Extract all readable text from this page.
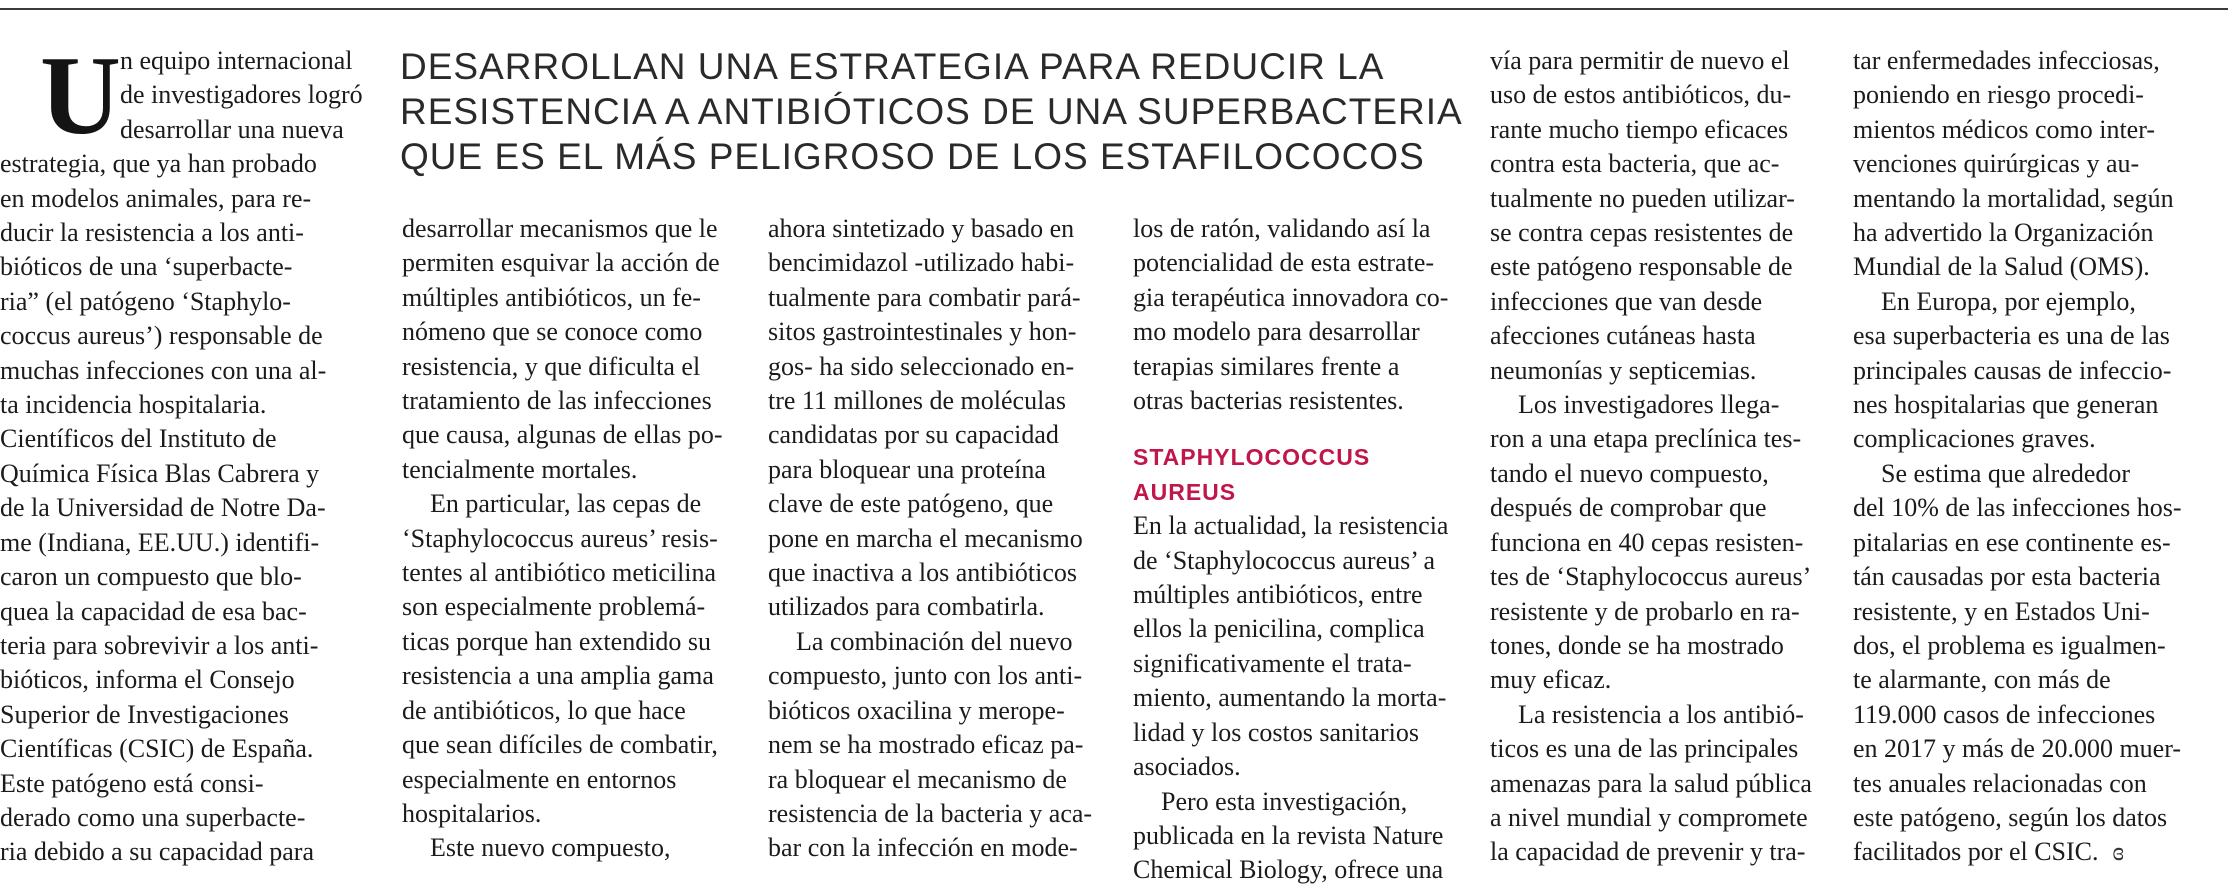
DESARROLLAN UNA ESTRATEGIA PARA REDUCIR LA
RESISTENCIA A ANTIBIÓTICOS DE UNA SUPERBACTERIA
QUE ES EL MÁS PELIGROSO DE LOS ESTAFILOCOCOS
U n equipo internacional
de investigadores logró
desarrollar una nueva
estrategia, que ya han probado
en modelos animales, para re-
ducir la resistencia a los anti-
bióticos de una ‘superbacte-
ria” (el patógeno ‘Staphylo-
coccus aureus’) responsable de
muchas infecciones con una al-
ta incidencia hospitalaria.
Científicos del Instituto de
Química Física Blas Cabrera y
de la Universidad de Notre Da-
me (Indiana, EE.UU.) identifi-
caron un compuesto que blo-
quea la capacidad de esa bac-
teria para sobrevivir a los anti-
bióticos, informa el Consejo
Superior de Investigaciones
Científicas (CSIC) de España.
Este patógeno está consi-
derado como una superbacte-
ria debido a su capacidad para
desarrollar mecanismos que le
permiten esquivar la acción de
múltiples antibióticos, un fe-
nómeno que se conoce como
resistencia, y que dificulta el
tratamiento de las infecciones
que causa, algunas de ellas po-
tencialmente mortales.
En particular, las cepas de
‘Staphylococcus aureus’ resis-
tentes al antibiótico meticilina
son especialmente problemá-
ticas porque han extendido su
resistencia a una amplia gama
de antibióticos, lo que hace
que sean difíciles de combatir,
especialmente en entornos
hospitalarios.
Este nuevo compuesto,
ahora sintetizado y basado en
bencimidazol -utilizado habi-
tualmente para combatir pará-
sitos gastrointestinales y hon-
gos- ha sido seleccionado en-
tre 11 millones de moléculas
candidatas por su capacidad
para bloquear una proteína
clave de este patógeno, que
pone en marcha el mecanismo
que inactiva a los antibióticos
utilizados para combatirla.
La combinación del nuevo
compuesto, junto con los anti-
bióticos oxacilina y merope-
nem se ha mostrado eficaz pa-
ra bloquear el mecanismo de
resistencia de la bacteria y aca-
bar con la infección en mode-
los de ratón, validando así la
potencialidad de esta estrate-
gia terapéutica innovadora co-
mo modelo para desarrollar
terapias similares frente a
otras bacterias resistentes.
STAPHYLOCOCCUS AUREUS
En la actualidad, la resistencia
de ‘Staphylococcus aureus’ a
múltiples antibióticos, entre
ellos la penicilina, complica
significativamente el trata-
miento, aumentando la morta-
lidad y los costos sanitarios
asociados.
Pero esta investigación,
publicada en la revista Nature
Chemical Biology, ofrece una
vía para permitir de nuevo el
uso de estos antibióticos, du-
rante mucho tiempo eficaces
contra esta bacteria, que ac-
tualmente no pueden utilizar-
se contra cepas resistentes de
este patógeno responsable de
infecciones que van desde
afecciones cutáneas hasta
neumonías y septicemias.
Los investigadores llega-
ron a una etapa preclínica tes-
tando el nuevo compuesto,
después de comprobar que
funciona en 40 cepas resisten-
tes de ‘Staphylococcus aureus’
resistente y de probarlo en ra-
tones, donde se ha mostrado
muy eficaz.
La resistencia a los antibió-
ticos es una de las principales
amenazas para la salud pública
a nivel mundial y compromete
la capacidad de prevenir y tra-
tar enfermedades infecciosas,
poniendo en riesgo procedi-
mientos médicos como inter-
venciones quirúrgicas y au-
mentando la mortalidad, según
ha advertido la Organización
Mundial de la Salud (OMS).
En Europa, por ejemplo,
esa superbacteria es una de las
principales causas de infeccio-
nes hospitalarias que generan
complicaciones graves.
Se estima que alrededor
del 10% de las infecciones hos-
pitalarias en ese continente es-
tán causadas por esta bacteria
resistente, y en Estados Uni-
dos, el problema es igualmen-
te alarmante, con más de
119.000 casos de infecciones
en 2017 y más de 20.000 muer-
tes anuales relacionadas con
este patógeno, según los datos
facilitados por el CSIC. ɞ
